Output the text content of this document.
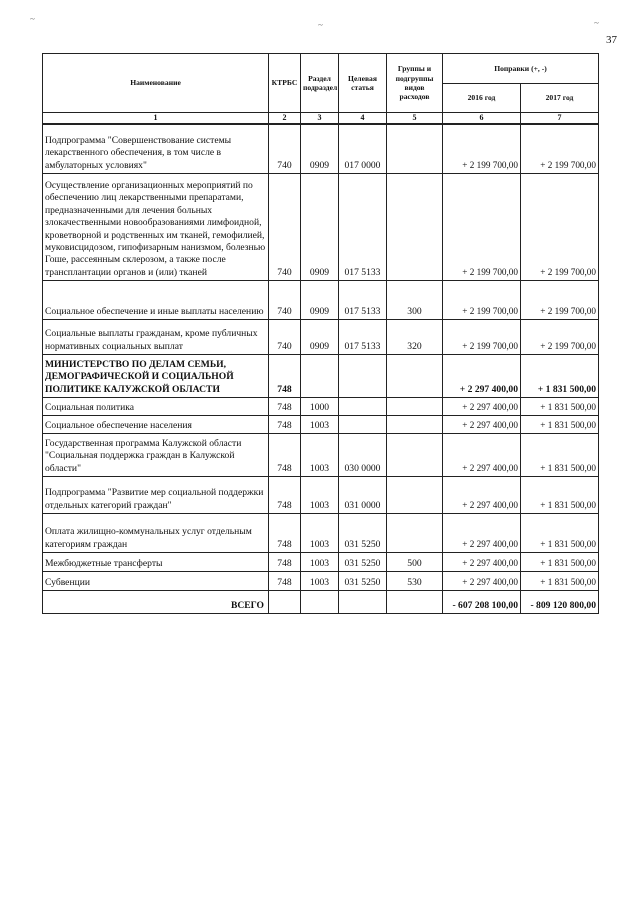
37
~
~	~
Наименование	КТРБС	Раздел подраздел	Целевая статья	Группы и подгруппы видов расходов	Поправки (+, -)	
					2016 год	2017 год
1	2	3	4	5	6	7
Подпрограмма "Совершенствование системы лекарственного обеспечения, в том числе в амбулаторных условиях"	740	0909	017 0000		+ 2 199 700,00	+ 2 199 700,00
Осуществление организационных мероприятий по обеспечению лиц лекарственными препаратами, предназначенными для лечения больных злокачественными новообразованиями лимфоидной, кроветворной и родственных им тканей, гемофилией, муковисцидозом, гипофизарным нанизмом, болезнью Гоше, рассеянным склерозом, а также после трансплантации органов и (или) тканей	740	0909	017 5133		+ 2 199 700,00	+ 2 199 700,00
Социальное обеспечение и иные выплаты населению	740	0909	017 5133	300	+ 2 199 700,00	+ 2 199 700,00
Социальные выплаты гражданам, кроме публичных нормативных социальных выплат	740	0909	017 5133	320	+ 2 199 700,00	+ 2 199 700,00
МИНИСТЕРСТВО ПО ДЕЛАМ СЕМЬИ, ДЕМОГРАФИЧЕСКОЙ И СОЦИАЛЬНОЙ ПОЛИТИКЕ КАЛУЖСКОЙ ОБЛАСТИ	748				+ 2 297 400,00	+ 1 831 500,00
Социальная политика	748	1000			+ 2 297 400,00	+ 1 831 500,00
Социальное обеспечение населения	748	1003			+ 2 297 400,00	+ 1 831 500,00
Государственная программа Калужской области "Социальная поддержка граждан в Калужской области"	748	1003	030 0000		+ 2 297 400,00	+ 1 831 500,00
Подпрограмма "Развитие мер социальной поддержки отдельных категорий граждан"	748	1003	031 0000		+ 2 297 400,00	+ 1 831 500,00
Оплата жилищно-коммунальных услуг отдельным категориям граждан	748	1003	031 5250		+ 2 297 400,00	+ 1 831 500,00
Межбюджетные трансферты	748	1003	031 5250	500	+ 2 297 400,00	+ 1 831 500,00
Субвенции	748	1003	031 5250	530	+ 2 297 400,00	+ 1 831 500,00
ВСЕГО					- 607 208 100,00	- 809 120 800,00
